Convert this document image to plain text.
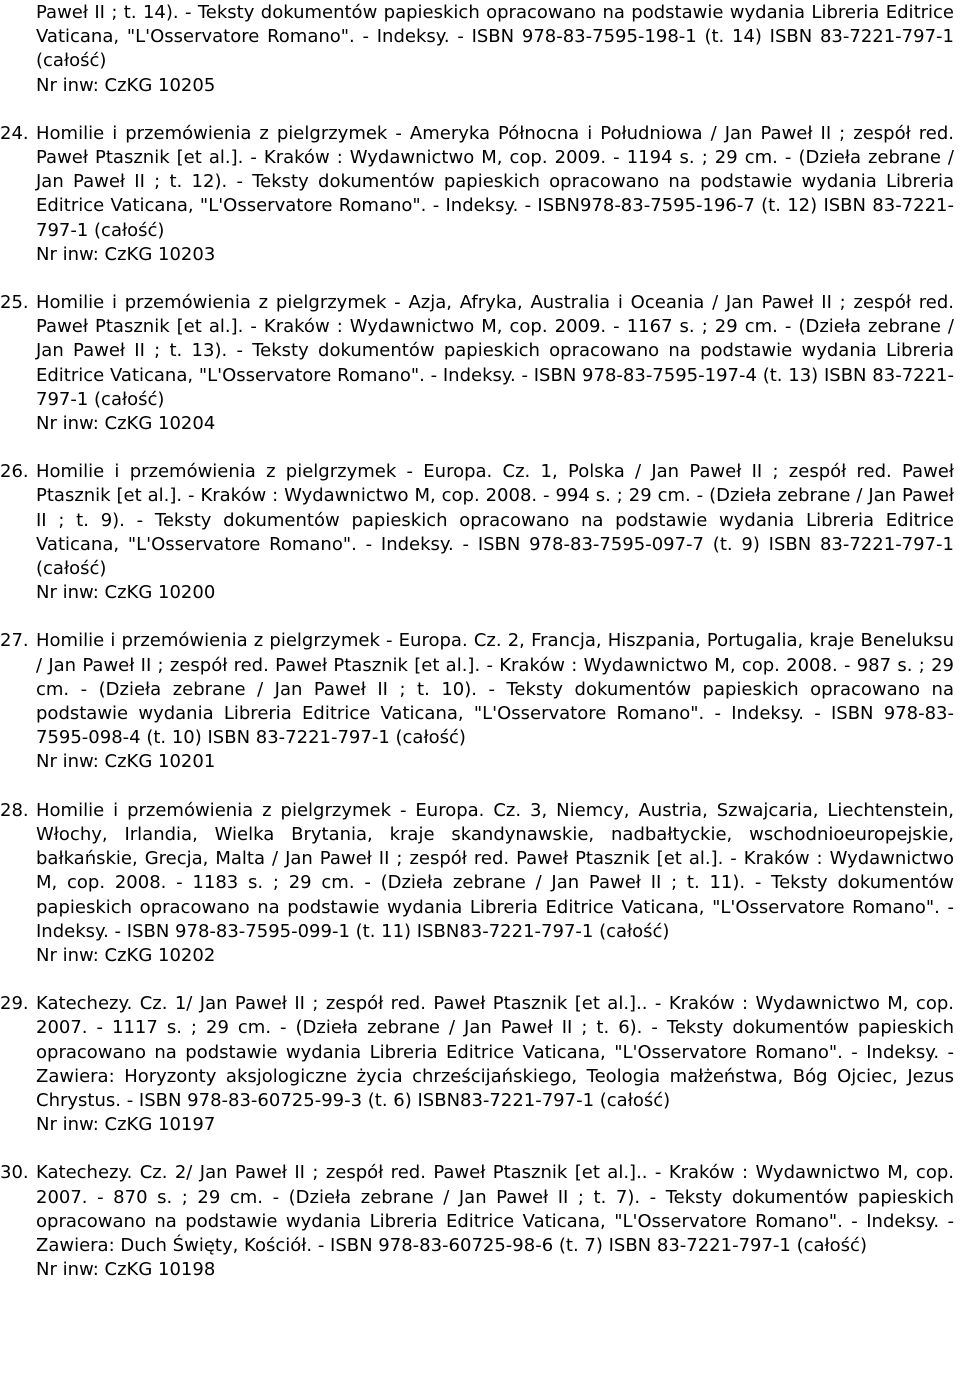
Paweł II ; t. 14). - Teksty dokumentów papieskich opracowano na podstawie wydania Libreria Editrice Vaticana, "L'Osservatore Romano". - Indeksy. - ISBN 978-83-7595-198-1 (t. 14) ISBN 83-7221-797-1 (całość)

Nr inw: CzKG 10205

24. Homilie i przemówienia z pielgrzymek - Ameryka Północna i Południowa / Jan Paweł II ; zespół red. Paweł Ptasznik [et al.]. - Kraków : Wydawnictwo M, cop. 2009. - 1194 s. ; 29 cm. - (Dzieła zebrane / Jan Paweł II ; t. 12). - Teksty dokumentów papieskich opracowano na podstawie wydania Libreria Editrice Vaticana, "L'Osservatore Romano". - Indeksy. - ISBN978-83-7595-196-7 (t. 12) ISBN 83-7221-797-1 (całość)

Nr inw: CzKG 10203

25. Homilie i przemówienia z pielgrzymek - Azja, Afryka, Australia i Oceania / Jan Paweł II ; zespół red. Paweł Ptasznik [et al.]. - Kraków : Wydawnictwo M, cop. 2009. - 1167 s. ; 29 cm. - (Dzieła zebrane / Jan Paweł II ; t. 13). - Teksty dokumentów papieskich opracowano na podstawie wydania Libreria Editrice Vaticana, "L'Osservatore Romano". - Indeksy. - ISBN 978-83-7595-197-4 (t. 13) ISBN 83-7221-797-1 (całość)

Nr inw: CzKG 10204

26. Homilie i przemówienia z pielgrzymek - Europa. Cz. 1, Polska / Jan Paweł II ; zespół red. Paweł Ptasznik [et al.]. - Kraków : Wydawnictwo M, cop. 2008. - 994 s. ; 29 cm. - (Dzieła zebrane / Jan Paweł II ; t. 9). - Teksty dokumentów papieskich opracowano na podstawie wydania Libreria Editrice Vaticana, "L'Osservatore Romano". - Indeksy. - ISBN 978-83-7595-097-7 (t. 9) ISBN 83-7221-797-1 (całość)

Nr inw: CzKG 10200

27. Homilie i przemówienia z pielgrzymek - Europa. Cz. 2, Francja, Hiszpania, Portugalia, kraje Beneluksu / Jan Paweł II ; zespół red. Paweł Ptasznik [et al.]. - Kraków : Wydawnictwo M, cop. 2008. - 987 s. ; 29 cm. - (Dzieła zebrane / Jan Paweł II ; t. 10). - Teksty dokumentów papieskich opracowano na podstawie wydania Libreria Editrice Vaticana, "L'Osservatore Romano". - Indeksy. - ISBN 978-83-7595-098-4 (t. 10) ISBN 83-7221-797-1 (całość)

Nr inw: CzKG 10201

28. Homilie i przemówienia z pielgrzymek - Europa. Cz. 3, Niemcy, Austria, Szwajcaria, Liechtenstein, Włochy, Irlandia, Wielka Brytania, kraje skandynawskie, nadbałtyckie, wschodnioeuropejskie, bałkańskie, Grecja, Malta / Jan Paweł II ; zespół red. Paweł Ptasznik [et al.]. - Kraków : Wydawnictwo M, cop. 2008. - 1183 s. ; 29 cm. - (Dzieła zebrane / Jan Paweł II ; t. 11). - Teksty dokumentów papieskich opracowano na podstawie wydania Libreria Editrice Vaticana, "L'Osservatore Romano". - Indeksy. - ISBN 978-83-7595-099-1 (t. 11) ISBN83-7221-797-1 (całość)

Nr inw: CzKG 10202

29. Katechezy. Cz. 1/ Jan Paweł II ; zespół red. Paweł Ptasznik [et al.].. - Kraków : Wydawnictwo M, cop. 2007. - 1117 s. ; 29 cm. - (Dzieła zebrane / Jan Paweł II ; t. 6). - Teksty dokumentów papieskich opracowano na podstawie wydania Libreria Editrice Vaticana, "L'Osservatore Romano". - Indeksy. - Zawiera: Horyzonty aksjologiczne życia chrześcijańskiego, Teologia małżeństwa, Bóg Ojciec, Jezus Chrystus. - ISBN 978-83-60725-99-3 (t. 6) ISBN83-7221-797-1 (całość)

Nr inw: CzKG 10197

30. Katechezy. Cz. 2/ Jan Paweł II ; zespół red. Paweł Ptasznik [et al.].. - Kraków : Wydawnictwo M, cop. 2007. - 870 s. ; 29 cm. - (Dzieła zebrane / Jan Paweł II ; t. 7). - Teksty dokumentów papieskich opracowano na podstawie wydania Libreria Editrice Vaticana, "L'Osservatore Romano". - Indeksy. - Zawiera: Duch Święty, Kościół. - ISBN 978-83-60725-98-6 (t. 7) ISBN 83-7221-797-1 (całość)

Nr inw: CzKG 10198
